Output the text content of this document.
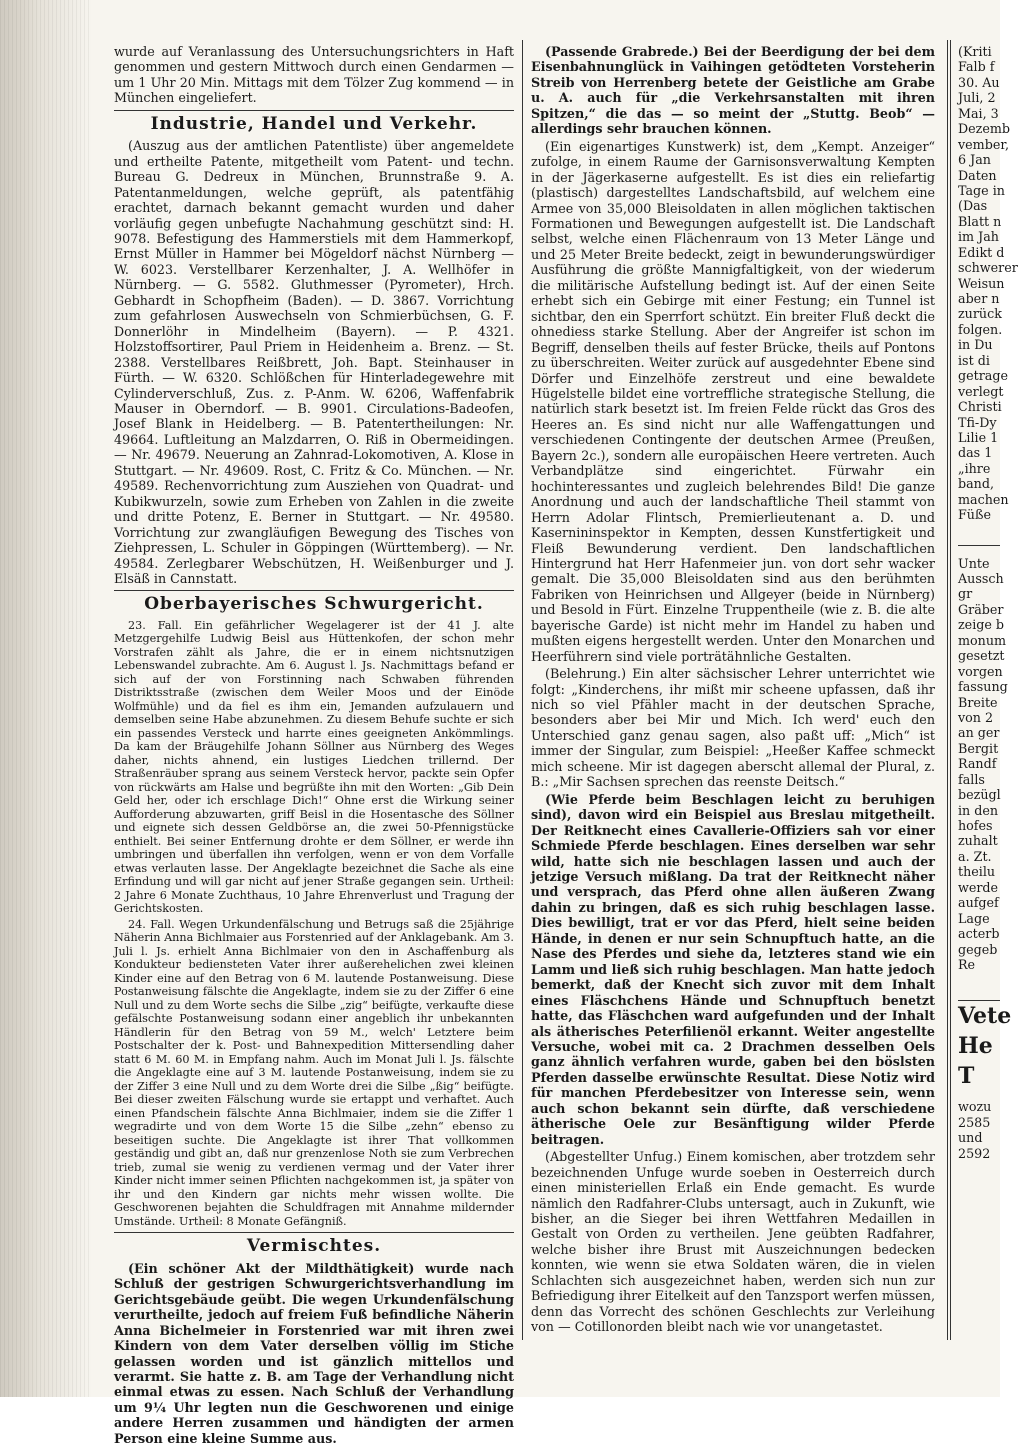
wurde auf Veranlassung des Untersuchungsrichters in Haft genommen und gestern Mittwoch durch einen Gendarmen — um 1 Uhr 20 Min. Mittags mit dem Tölzer Zug kommend — in München eingeliefert.

Industrie, Handel und Verkehr.

(Auszug aus der amtlichen Patentliste) über angemeldete und ertheilte Patente, mitgetheilt vom Patent- und techn. Bureau G. Dedreux in München, Brunnstraße 9. A. Patentanmeldungen, welche geprüft, als patentfähig erachtet, darnach bekannt gemacht wurden und daher vorläufig gegen unbefugte Nachahmung geschützt sind: H. 9078. Befestigung des Hammerstiels mit dem Hammerkopf, Ernst Müller in Hammer bei Mögeldorf nächst Nürnberg — W. 6023. Verstellbarer Kerzenhalter, J. A. Wellhöfer in Nürnberg. — G. 5582. Gluthmesser (Pyrometer), Hrch. Gebhardt in Schopfheim (Baden). — D. 3867. Vorrichtung zum gefahrlosen Auswechseln von Schmierbüchsen, G. F. Donnerlöhr in Mindelheim (Bayern). — P. 4321. Holzstoffsortirer, Paul Priem in Heidenheim a. Brenz. — St. 2388. Verstellbares Reißbrett, Joh. Bapt. Steinhauser in Fürth. — W. 6320. Schlößchen für Hinterladegewehre mit Cylinderverschluß, Zus. z. P-Anm. W. 6206, Waffenfabrik Mauser in Oberndorf. — B. 9901. Circulations-Badeofen, Josef Blank in Heidelberg. — B. Patentertheilungen: Nr. 49664. Luftleitung an Malzdarren, O. Riß in Obermeidingen. — Nr. 49679. Neuerung an Zahnrad-Lokomotiven, A. Klose in Stuttgart. — Nr. 49609. Rost, C. Fritz & Co. München. — Nr. 49589. Rechenvorrichtung zum Ausziehen von Quadrat- und Kubikwurzeln, sowie zum Erheben von Zahlen in die zweite und dritte Potenz, E. Berner in Stuttgart. — Nr. 49580. Vorrichtung zur zwangläufigen Bewegung des Tisches von Ziehpressen, L. Schuler in Göppingen (Württemberg). — Nr. 49584. Zerlegbarer Webschützen, H. Weißenburger und J. Elsäß in Cannstatt.

Oberbayerisches Schwurgericht.

23. Fall. Ein gefährlicher Wegelagerer ist der 41 J. alte Metzgergehilfe Ludwig Beisl aus Hüttenkofen, der schon mehr Vorstrafen zählt als Jahre, die er in einem nichtsnutzigen Lebenswandel zubrachte. Am 6. August l. Js. Nachmittags befand er sich auf der von Forstinning nach Schwaben führenden Distriktsstraße (zwischen dem Weiler Moos und der Einöde Wolfmühle) und da fiel es ihm ein, Jemanden aufzulauern und demselben seine Habe abzunehmen. Zu diesem Behufe suchte er sich ein passendes Versteck und harrte eines geeigneten Ankömmlings. Da kam der Bräugehilfe Johann Söllner aus Nürnberg des Weges daher, nichts ahnend, ein lustiges Liedchen trillernd. Der Straßenräuber sprang aus seinem Versteck hervor, packte sein Opfer von rückwärts am Halse und begrüßte ihn mit den Worten: „Gib Dein Geld her, oder ich erschlage Dich!“ Ohne erst die Wirkung seiner Aufforderung abzuwarten, griff Beisl in die Hosentasche des Söllner und eignete sich dessen Geldbörse an, die zwei 50-Pfennigstücke enthielt. Bei seiner Entfernung drohte er dem Söllner, er werde ihn umbringen und überfallen ihn verfolgen, wenn er von dem Vorfalle etwas verlauten lasse. Der Angeklagte bezeichnet die Sache als eine Erfindung und will gar nicht auf jener Straße gegangen sein. Urtheil: 2 Jahre 6 Monate Zuchthaus, 10 Jahre Ehrenverlust und Tragung der Gerichtskosten.

24. Fall. Wegen Urkundenfälschung und Betrugs saß die 25jährige Näherin Anna Bichlmaier aus Forstenried auf der Anklagebank. Am 3. Juli l. Js. erhielt Anna Bichlmaier von den in Aschaffenburg als Kondukteur bediensteten Vater ihrer außerehelichen zwei kleinen Kinder eine auf den Betrag von 6 M. lautende Postanweisung. Diese Postanweisung fälschte die Angeklagte, indem sie zu der Ziffer 6 eine Null und zu dem Worte sechs die Silbe „zig“ beifügte, verkaufte diese gefälschte Postanweisung sodann einer angeblich ihr unbekannten Händlerin für den Betrag von 59 M., welch' Letztere beim Postschalter der k. Post- und Bahnexpedition Mittersendling daher statt 6 M. 60 M. in Empfang nahm. Auch im Monat Juli l. Js. fälschte die Angeklagte eine auf 3 M. lautende Postanweisung, indem sie zu der Ziffer 3 eine Null und zu dem Worte drei die Silbe „ßig“ beifügte. Bei dieser zweiten Fälschung wurde sie ertappt und verhaftet. Auch einen Pfandschein fälschte Anna Bichlmaier, indem sie die Ziffer 1 wegradirte und von dem Worte 15 die Silbe „zehn“ ebenso zu beseitigen suchte. Die Angeklagte ist ihrer That vollkommen geständig und gibt an, daß nur grenzenlose Noth sie zum Verbrechen trieb, zumal sie wenig zu verdienen vermag und der Vater ihrer Kinder nicht immer seinen Pflichten nachgekommen ist, ja später von ihr und den Kindern gar nichts mehr wissen wollte. Die Geschworenen bejahten die Schuldfragen mit Annahme mildernder Umstände. Urtheil: 8 Monate Gefängniß.

Vermischtes.

(Ein schöner Akt der Mildthätigkeit) wurde nach Schluß der gestrigen Schwurgerichtsverhandlung im Gerichtsgebäude geübt. Die wegen Urkundenfälschung verurtheilte, jedoch auf freiem Fuß befindliche Näherin Anna Bichelmeier in Forstenried war mit ihren zwei Kindern von dem Vater derselben völlig im Stiche gelassen worden und ist gänzlich mittellos und verarmt. Sie hatte z. B. am Tage der Verhandlung nicht einmal etwas zu essen. Nach Schluß der Verhandlung um 9¼ Uhr legten nun die Geschworenen und einige andere Herren zusammen und händigten der armen Person eine kleine Summe aus.

(Passende Grabrede.) Bei der Beerdigung der bei dem Eisenbahnunglück in Vaihingen getödteten Vorsteherin Streib von Herrenberg betete der Geistliche am Grabe u. A. auch für „die Verkehrsanstalten mit ihren Spitzen,“ die das — so meint der „Stuttg. Beob“ — allerdings sehr brauchen können.

(Ein eigenartiges Kunstwerk) ist, dem „Kempt. Anzeiger“ zufolge, in einem Raume der Garnisonsverwaltung Kempten in der Jägerkaserne aufgestellt. Es ist dies ein reliefartig (plastisch) dargestelltes Landschaftsbild, auf welchem eine Armee von 35,000 Bleisoldaten in allen möglichen taktischen Formationen und Bewegungen aufgestellt ist. Die Landschaft selbst, welche einen Flächenraum von 13 Meter Länge und und 25 Meter Breite bedeckt, zeigt in bewunderungswürdiger Ausführung die größte Mannigfaltigkeit, von der wiederum die militärische Aufstellung bedingt ist. Auf der einen Seite erhebt sich ein Gebirge mit einer Festung; ein Tunnel ist sichtbar, den ein Sperrfort schützt. Ein breiter Fluß deckt die ohnediess starke Stellung. Aber der Angreifer ist schon im Begriff, denselben theils auf fester Brücke, theils auf Pontons zu überschreiten. Weiter zurück auf ausgedehnter Ebene sind Dörfer und Einzelhöfe zerstreut und eine bewaldete Hügelstelle bildet eine vortreffliche strategische Stellung, die natürlich stark besetzt ist. Im freien Felde rückt das Gros des Heeres an. Es sind nicht nur alle Waffengattungen und verschiedenen Contingente der deutschen Armee (Preußen, Bayern 2c.), sondern alle europäischen Heere vertreten. Auch Verbandplätze sind eingerichtet. Fürwahr ein hochinteressantes und zugleich belehrendes Bild! Die ganze Anordnung und auch der landschaftliche Theil stammt von Herrn Adolar Flintsch, Premierlieutenant a. D. und Kasernininspektor in Kempten, dessen Kunstfertigkeit und Fleiß Bewunderung verdient. Den landschaftlichen Hintergrund hat Herr Hafenmeier jun. von dort sehr wacker gemalt. Die 35,000 Bleisoldaten sind aus den berühmten Fabriken von Heinrichsen und Allgeyer (beide in Nürnberg) und Besold in Fürt. Einzelne Truppentheile (wie z. B. die alte bayerische Garde) ist nicht mehr im Handel zu haben und mußten eigens hergestellt werden. Unter den Monarchen und Heerführern sind viele porträtähnliche Gestalten.

(Belehrung.) Ein alter sächsischer Lehrer unterrichtet wie folgt: „Kinderchens, ihr mißt mir scheene upfassen, daß ihr nich so viel Pfähler macht in der deutschen Sprache, besonders aber bei Mir und Mich. Ich werd' euch den Unterschied ganz genau sagen, also paßt uff: „Mich“ ist immer der Singular, zum Beispiel: „Heeßer Kaffee schmeckt mich scheene. Mir ist dagegen aberscht allemal der Plural, z. B.: „Mir Sachsen sprechen das reenste Deitsch.“

(Wie Pferde beim Beschlagen leicht zu beruhigen sind), davon wird ein Beispiel aus Breslau mitgetheilt. Der Reitknecht eines Cavallerie-Offiziers sah vor einer Schmiede Pferde beschlagen. Eines derselben war sehr wild, hatte sich nie beschlagen lassen und auch der jetzige Versuch mißlang. Da trat der Reitknecht näher und versprach, das Pferd ohne allen äußeren Zwang dahin zu bringen, daß es sich ruhig beschlagen lasse. Dies bewilligt, trat er vor das Pferd, hielt seine beiden Hände, in denen er nur sein Schnupftuch hatte, an die Nase des Pferdes und siehe da, letzteres stand wie ein Lamm und ließ sich ruhig beschlagen. Man hatte jedoch bemerkt, daß der Knecht sich zuvor mit dem Inhalt eines Fläschchens Hände und Schnupftuch benetzt hatte, das Fläschchen ward aufgefunden und der Inhalt als ätherisches Peterfilienöl erkannt. Weiter angestellte Versuche, wobei mit ca. 2 Drachmen desselben Oels ganz ähnlich verfahren wurde, gaben bei den böslsten Pferden dasselbe erwünschte Resultat. Diese Notiz wird für manchen Pferdebesitzer von Interesse sein, wenn auch schon bekannt sein dürfte, daß verschiedene ätherische Oele zur Besänftigung wilder Pferde beitragen.

(Abgestellter Unfug.) Einem komischen, aber trotzdem sehr bezeichnenden Unfuge wurde soeben in Oesterreich durch einen ministeriellen Erlaß ein Ende gemacht. Es wurde nämlich den Radfahrer-Clubs untersagt, auch in Zukunft, wie bisher, an die Sieger bei ihren Wettfahren Medaillen in Gestalt von Orden zu vertheilen. Jene geübten Radfahrer, welche bisher ihre Brust mit Auszeichnungen bedecken konnten, wie wenn sie etwa Soldaten wären, die in vielen Schlachten sich ausgezeichnet haben, werden sich nun zur Befriedigung ihrer Eitelkeit auf den Tanzsport werfen müssen, denn das Vorrecht des schönen Geschlechts zur Verleihung von — Cotillonorden bleibt nach wie vor unangetastet.

(Kriti
Falb f
30. Au
Juli, 2
Mai, 3
Dezemb
vember,
6 Jan
Daten
Tage in
(Das
Blatt n
im Jah
Edikt d
schwerer
Weisun
aber n
zurück
folgen.
in Du
ist di
getrage
verlegt
Christi
Tfi-Dy
Lilie 1
das 1
„ihre
band,
machen
Füße
Unte
Aussch
gr
Gräber
zeige b
monum
gesetzt
vorgen
fassung
Breite
von 2
an ger
Bergit
Randf
falls
bezügl
in den
hofes
zuhalt
a. Zt.
theilu
werde
aufgef
Lage
acterb
gegeb
Re
Vete
He
T
wozu
2585
und
2592
